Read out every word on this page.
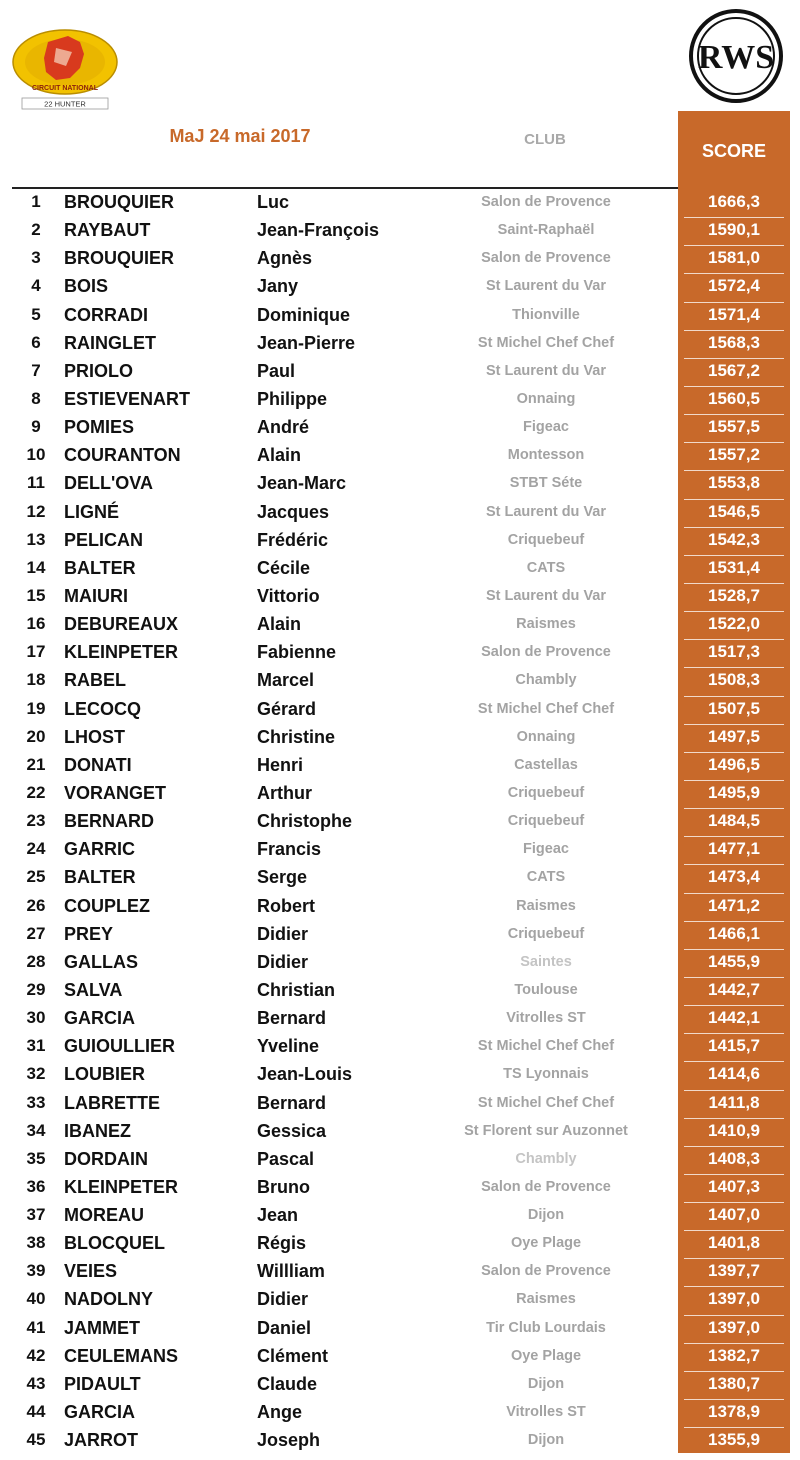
CIRCUIT NATIONAL
22 HUNTER
RWS
MaJ 24 mai 2017	CLUB
SCORE
1	BROUQUIER	Luc	Salon de Provence	1666,3
2	RAYBAUT	Jean-François	Saint-Raphaël	1590,1
3	BROUQUIER	Agnès	Salon de Provence	1581,0
4	BOIS	Jany	St Laurent du Var	1572,4
5	CORRADI	Dominique	Thionville	1571,4
6	RAINGLET	Jean-Pierre	St Michel Chef Chef	1568,3
7	PRIOLO	Paul	St Laurent du Var	1567,2
8	ESTIEVENART	Philippe	Onnaing	1560,5
9	POMIES	André	Figeac	1557,5
10	COURANTON	Alain	Montesson	1557,2
11	DELL'OVA	Jean-Marc	STBT Séte	1553,8
12	LIGNÉ	Jacques	St Laurent du Var	1546,5
13	PELICAN	Frédéric	Criquebeuf	1542,3
14	BALTER	Cécile	CATS	1531,4
15	MAIURI	Vittorio	St Laurent du Var	1528,7
16	DEBUREAUX	Alain	Raismes	1522,0
17	KLEINPETER	Fabienne	Salon de Provence	1517,3
18	RABEL	Marcel	Chambly	1508,3
19	LECOCQ	Gérard	St Michel Chef Chef	1507,5
20	LHOST	Christine	Onnaing	1497,5
21	DONATI	Henri	Castellas	1496,5
22	VORANGET	Arthur	Criquebeuf	1495,9
23	BERNARD	Christophe	Criquebeuf	1484,5
24	GARRIC	Francis	Figeac	1477,1
25	BALTER	Serge	CATS	1473,4
26	COUPLEZ	Robert	Raismes	1471,2
27	PREY	Didier	Criquebeuf	1466,1
28	GALLAS	Didier	Saintes	1455,9
29	SALVA	Christian	Toulouse	1442,7
30	GARCIA	Bernard	Vitrolles ST	1442,1
31	GUIOULLIER	Yveline	St Michel Chef Chef	1415,7
32	LOUBIER	Jean-Louis	TS Lyonnais	1414,6
33	LABRETTE	Bernard	St Michel Chef Chef	1411,8
34	IBANEZ	Gessica	St Florent sur Auzonnet	1410,9
35	DORDAIN	Pascal	Chambly	1408,3
36	KLEINPETER	Bruno	Salon de Provence	1407,3
37	MOREAU	Jean	Dijon	1407,0
38	BLOCQUEL	Régis	Oye Plage	1401,8
39	VEIES	Willliam	Salon de Provence	1397,7
40	NADOLNY	Didier	Raismes	1397,0
41	JAMMET	Daniel	Tir Club Lourdais	1397,0
42	CEULEMANS	Clément	Oye Plage	1382,7
43	PIDAULT	Claude	Dijon	1380,7
44	GARCIA	Ange	Vitrolles ST	1378,9
45	JARROT	Joseph	Dijon	1355,9
